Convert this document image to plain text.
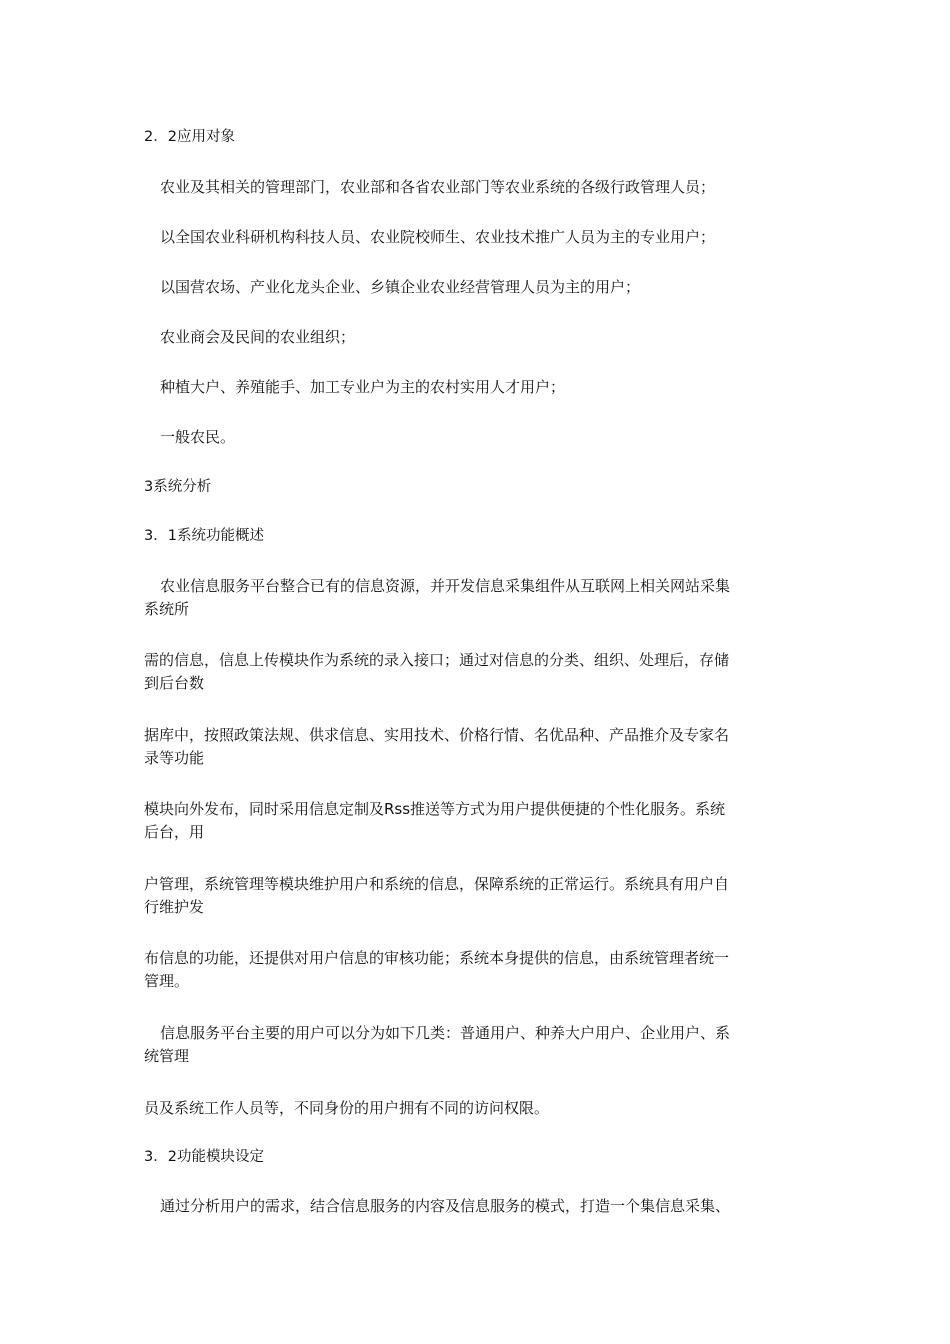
2．2应用对象
农业及其相关的管理部门，农业部和各省农业部门等农业系统的各级行政管理人员；
以全国农业科研机构科技人员、农业院校师生、农业技术推广人员为主的专业用户；
以国营农场、产业化龙头企业、乡镇企业农业经营管理人员为主的用户；
农业商会及民间的农业组织；
种植大户、养殖能手、加工专业户为主的农村实用人才用户；
一般农民。
3系统分析
3．1系统功能概述
农业信息服务平台整合已有的信息资源，并开发信息采集组件从互联网上相关网站采集
系统所
需的信息，信息上传模块作为系统的录入接口；通过对信息的分类、组织、处理后，存储
到后台数
据库中，按照政策法规、供求信息、实用技术、价格行情、名优品种、产品推介及专家名
录等功能
模块向外发布，同时采用信息定制及Rss推送等方式为用户提供便捷的个性化服务。系统
后台，用
户管理，系统管理等模块维护用户和系统的信息，保障系统的正常运行。系统具有用户自
行维护发
布信息的功能，还提供对用户信息的审核功能；系统本身提供的信息，由系统管理者统一
管理。
信息服务平台主要的用户可以分为如下几类：普通用户、种养大户用户、企业用户、系
统管理
员及系统工作人员等，不同身份的用户拥有不同的访问权限。
3．2功能模块设定
通过分析用户的需求，结合信息服务的内容及信息服务的模式，打造一个集信息采集、
